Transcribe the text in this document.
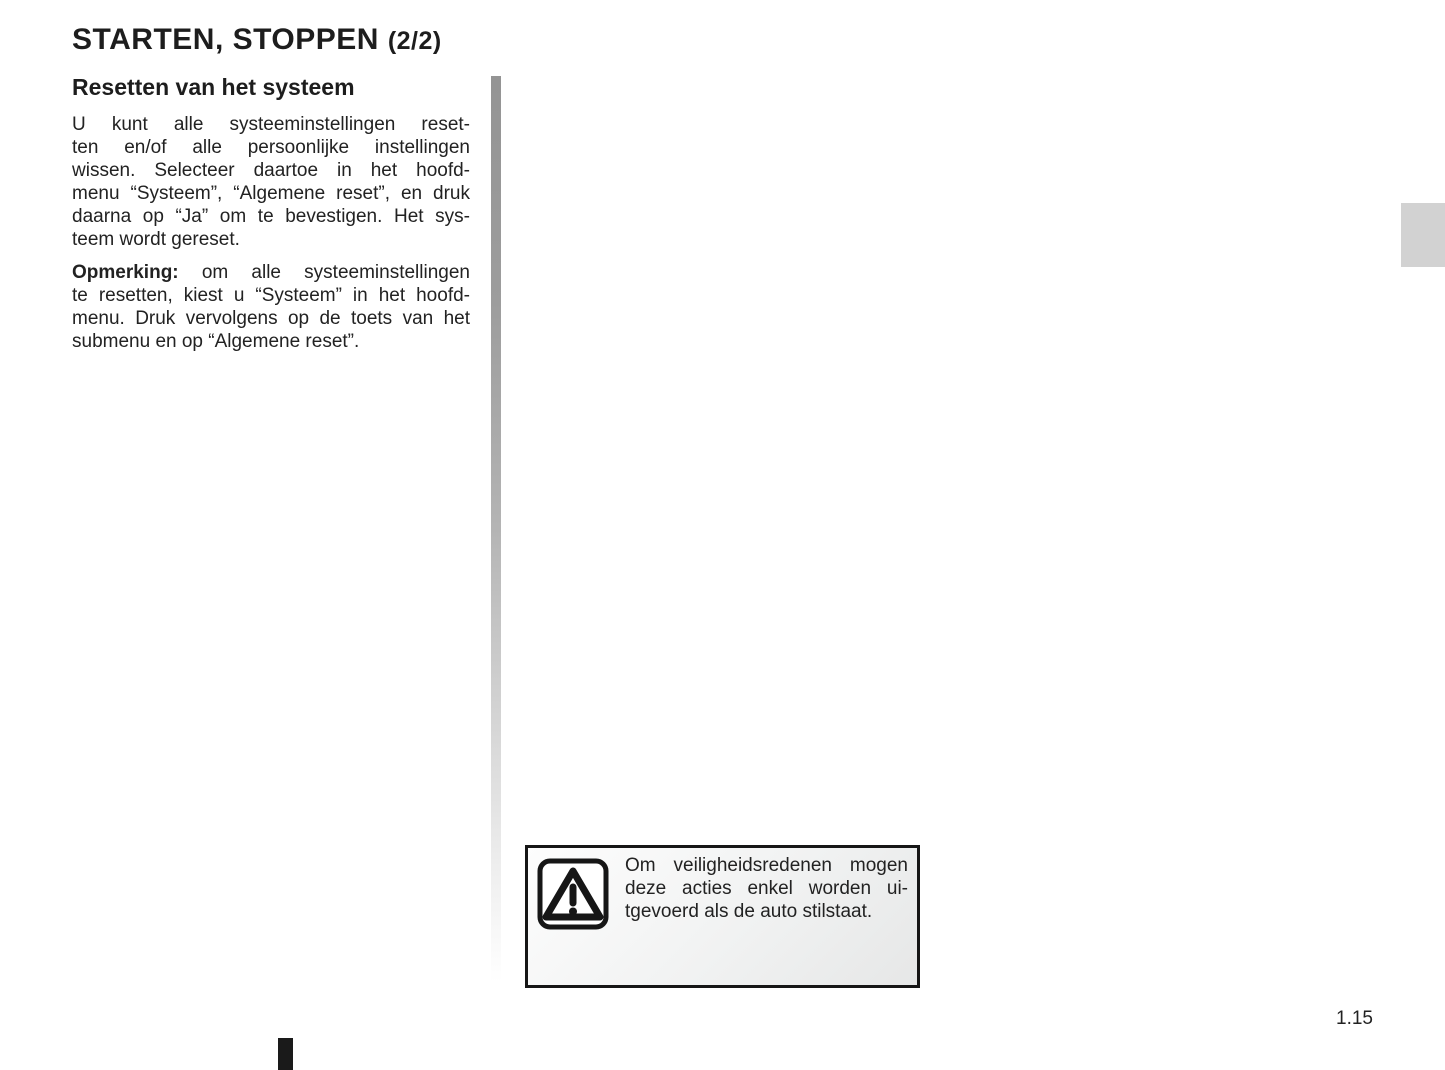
STARTEN, STOPPEN (2/2)
Resetten van het systeem
U kunt alle systeeminstellingen reset-
ten en/of alle persoonlijke instellingen
wissen. Selecteer daartoe in het hoofd-
menu “Systeem”, “Algemene reset”, en druk
daarna op “Ja” om te bevestigen. Het sys-
teem wordt gereset.
Opmerking: om alle systeeminstellingen
te resetten, kiest u “Systeem” in het hoofd-
menu. Druk vervolgens op de toets van het
submenu en op “Algemene reset”.
Om veiligheidsredenen mogen
deze acties enkel worden ui-
tgevoerd als de auto stilstaat.
1.15
